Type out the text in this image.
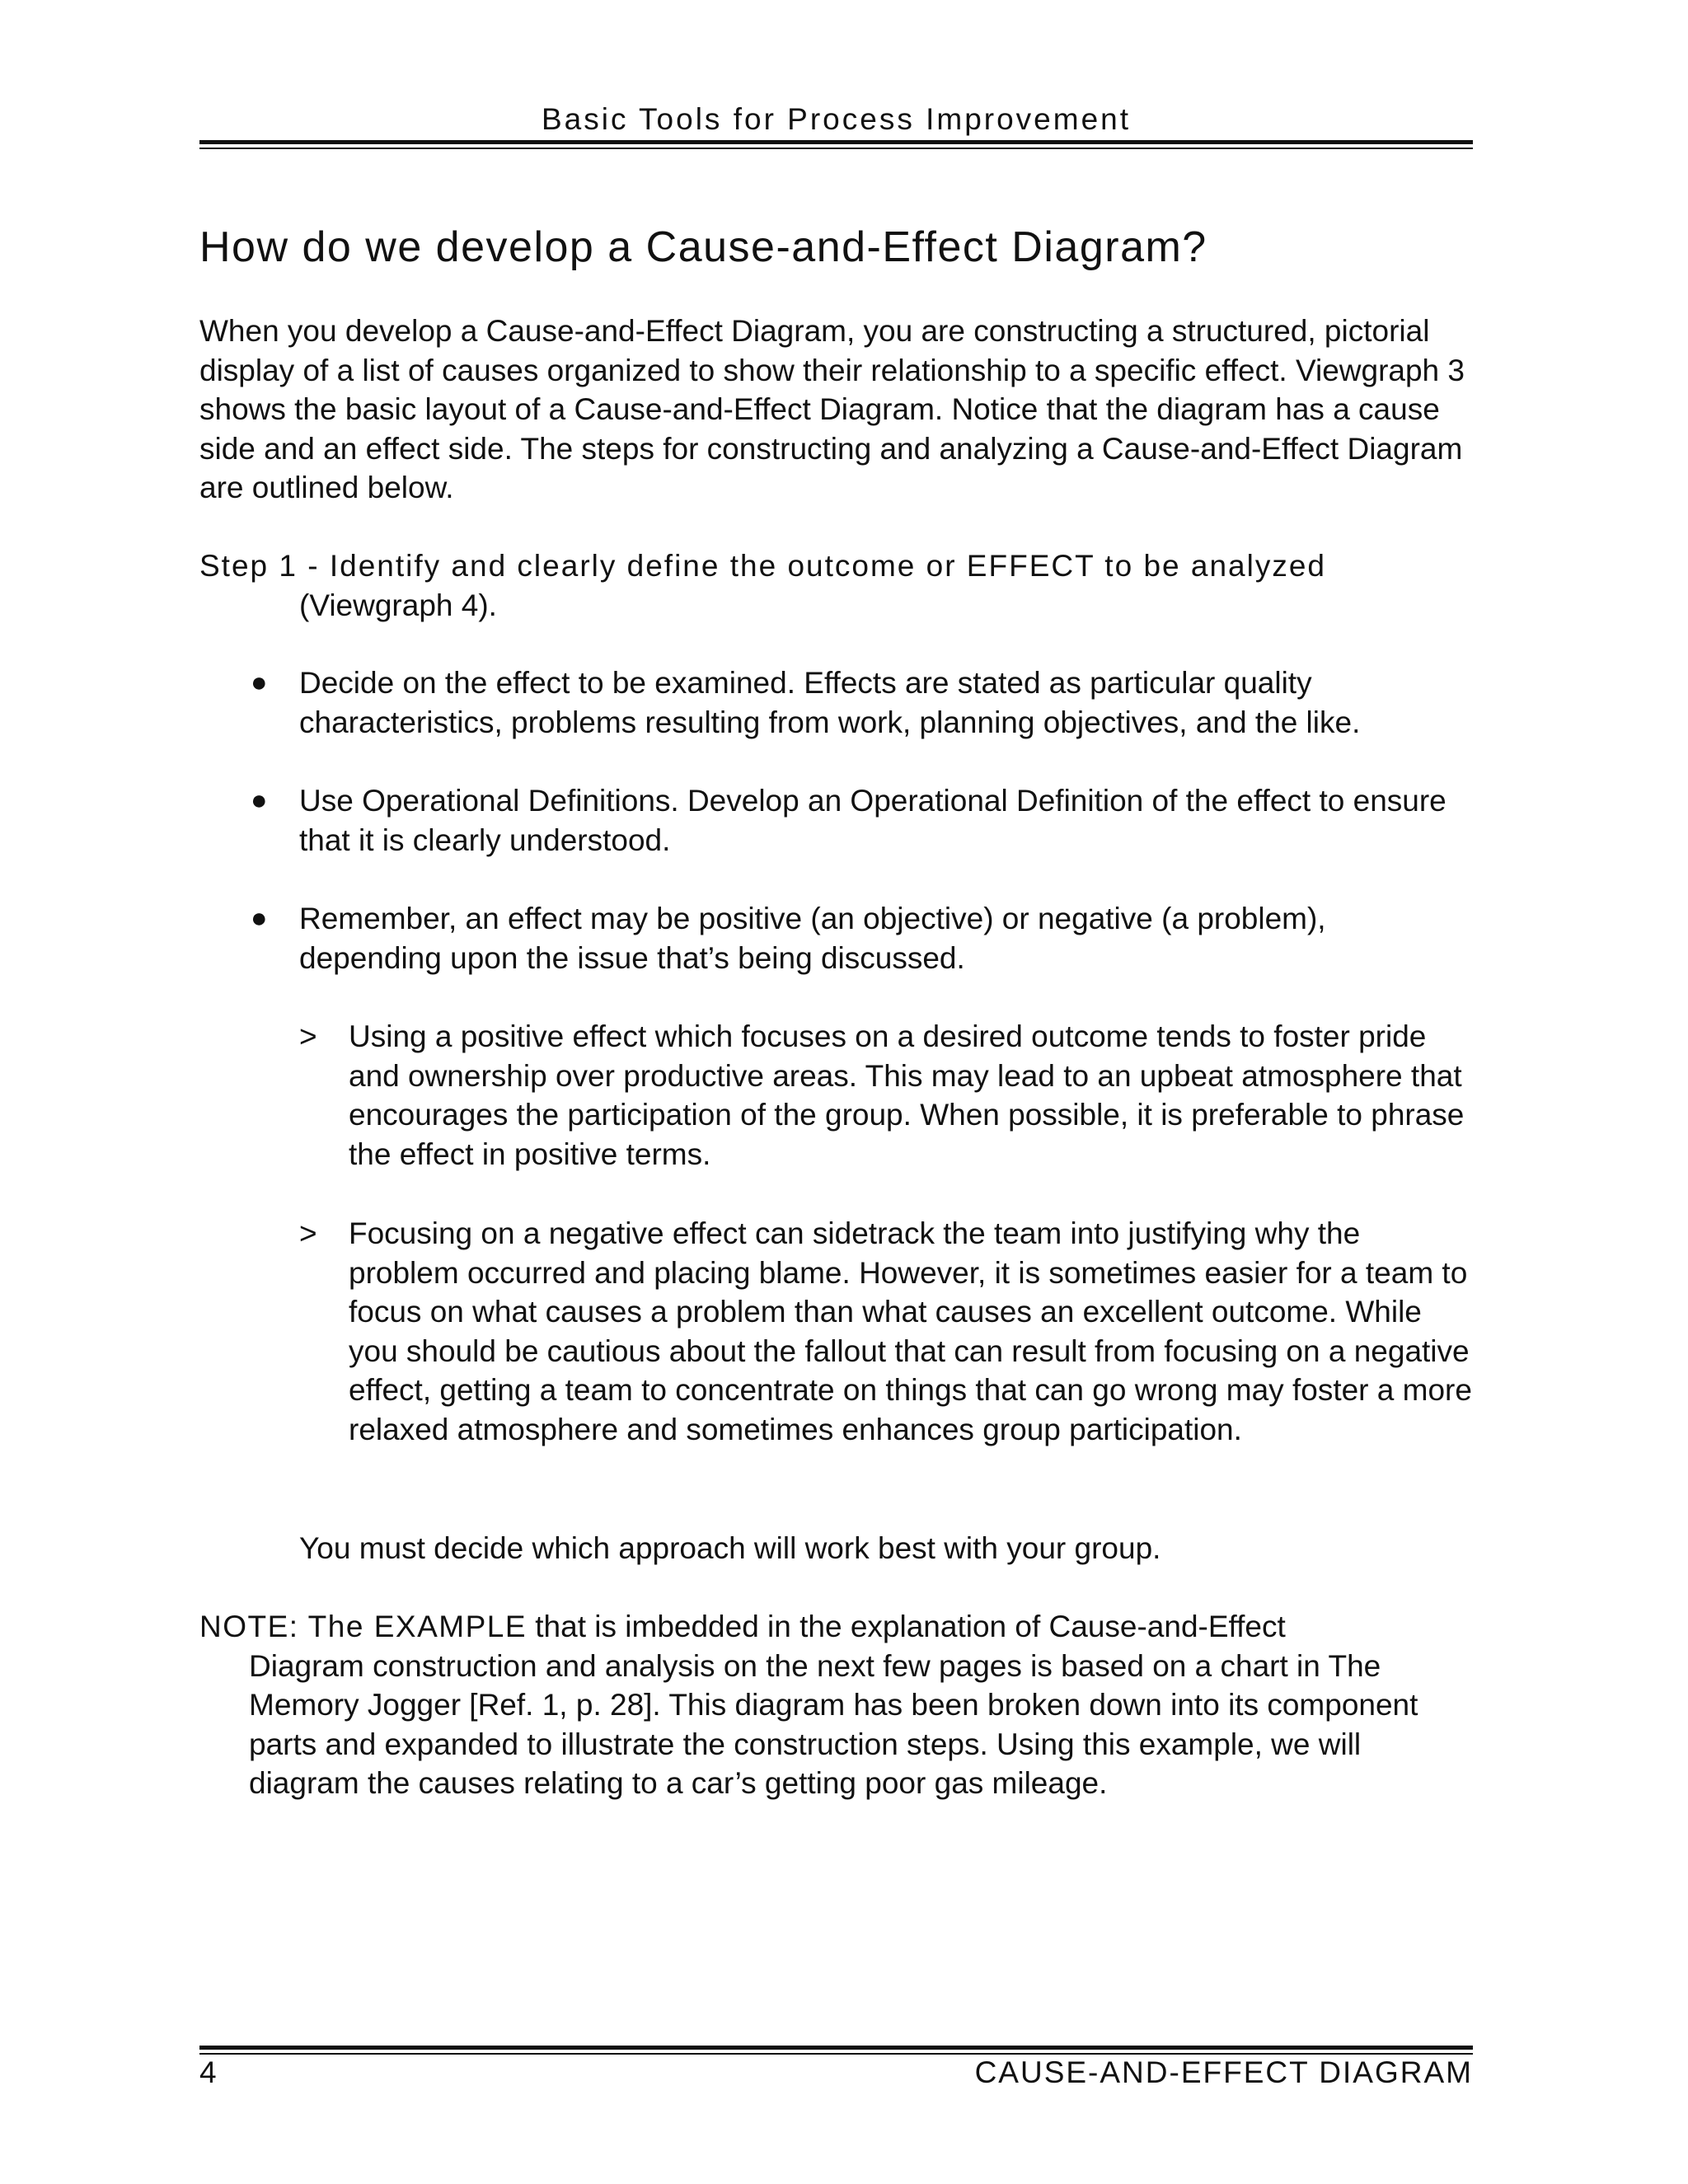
Basic Tools for Process Improvement
How do we develop a Cause-and-Effect Diagram?

When you develop a Cause-and-Effect Diagram, you are constructing a structured, pictorial display of a list of causes organized to show their relationship to a specific effect. Viewgraph 3 shows the basic layout of a Cause-and-Effect Diagram. Notice that the diagram has a cause side and an effect side. The steps for constructing and analyzing a Cause-and-Effect Diagram are outlined below.

Step 1 - Identify and clearly define the outcome or EFFECT to be analyzed
(Viewgraph 4).
● Decide on the effect to be examined. Effects are stated as particular quality characteristics, problems resulting from work, planning objectives, and the like.
● Use Operational Definitions. Develop an Operational Definition of the effect to ensure that it is clearly understood.
● Remember, an effect may be positive (an objective) or negative (a problem), depending upon the issue that’s being discussed.
> Using a positive effect which focuses on a desired outcome tends to foster pride and ownership over productive areas. This may lead to an upbeat atmosphere that encourages the participation of the group. When possible, it is preferable to phrase the effect in positive terms.
> Focusing on a negative effect can sidetrack the team into justifying why the problem occurred and placing blame. However, it is sometimes easier for a team to focus on what causes a problem than what causes an excellent outcome. While you should be cautious about the fallout that can result from focusing on a negative effect, getting a team to concentrate on things that can go wrong may foster a more relaxed atmosphere and sometimes enhances group participation.
You must decide which approach will work best with your group.
NOTE: The EXAMPLE that is imbedded in the explanation of Cause-and-Effect
Diagram construction and analysis on the next few pages is based on a chart in The Memory Jogger [Ref. 1, p. 28]. This diagram has been broken down into its component parts and expanded to illustrate the construction steps. Using this example, we will diagram the causes relating to a car’s getting poor gas mileage.
4	CAUSE-AND-EFFECT DIAGRAM
